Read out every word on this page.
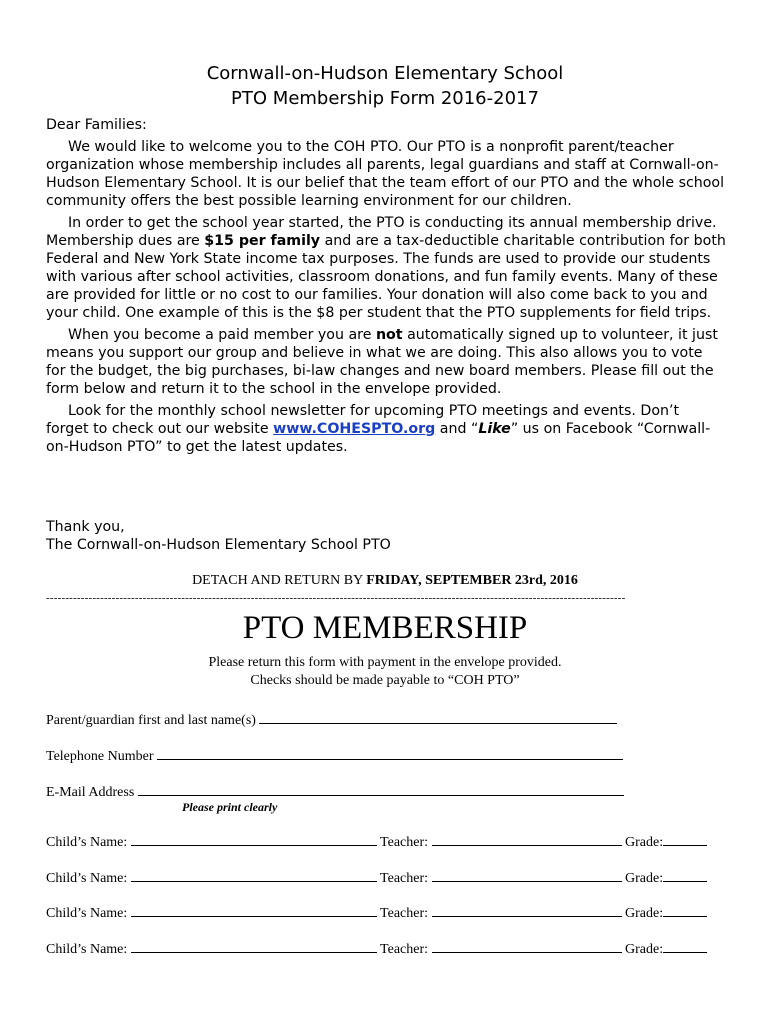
Cornwall-on-Hudson Elementary School
PTO Membership Form 2016-2017

Dear Families:

We would like to welcome you to the COH PTO. Our PTO is a nonprofit parent/teacher organization whose membership includes all parents, legal guardians and staff at Cornwall-on-Hudson Elementary School. It is our belief that the team effort of our PTO and the whole school community offers the best possible learning environment for our children.

In order to get the school year started, the PTO is conducting its annual membership drive. Membership dues are $15 per family and are a tax-deductible charitable contribution for both Federal and New York State income tax purposes. The funds are used to provide our students with various after school activities, classroom donations, and fun family events. Many of these are provided for little or no cost to our families. Your donation will also come back to you and your child. One example of this is the $8 per student that the PTO supplements for field trips.

When you become a paid member you are not automatically signed up to volunteer, it just means you support our group and believe in what we are doing. This also allows you to vote for the budget, the big purchases, bi-law changes and new board members. Please fill out the form below and return it to the school in the envelope provided.

Look for the monthly school newsletter for upcoming PTO meetings and events. Don’t forget to check out our website www.COHESPTO.org and “Like” us on Facebook “Cornwall-on-Hudson PTO” to get the latest updates.

Thank you,
The Cornwall-on-Hudson Elementary School PTO
DETACH AND RETURN BY FRIDAY, SEPTEMBER 23rd, 2016
------------------------------------------------------------------------------------------------------------------------------------------------------
PTO MEMBERSHIP
Please return this form with payment in the envelope provided.
Checks should be made payable to “COH PTO”
Parent/guardian first and last name(s)
Telephone Number
E-Mail Address
Please print clearly
Child’s Name:	Teacher:	Grade:
Child’s Name:	Teacher:	Grade:
Child’s Name:	Teacher:	Grade:
Child’s Name:	Teacher:	Grade:
